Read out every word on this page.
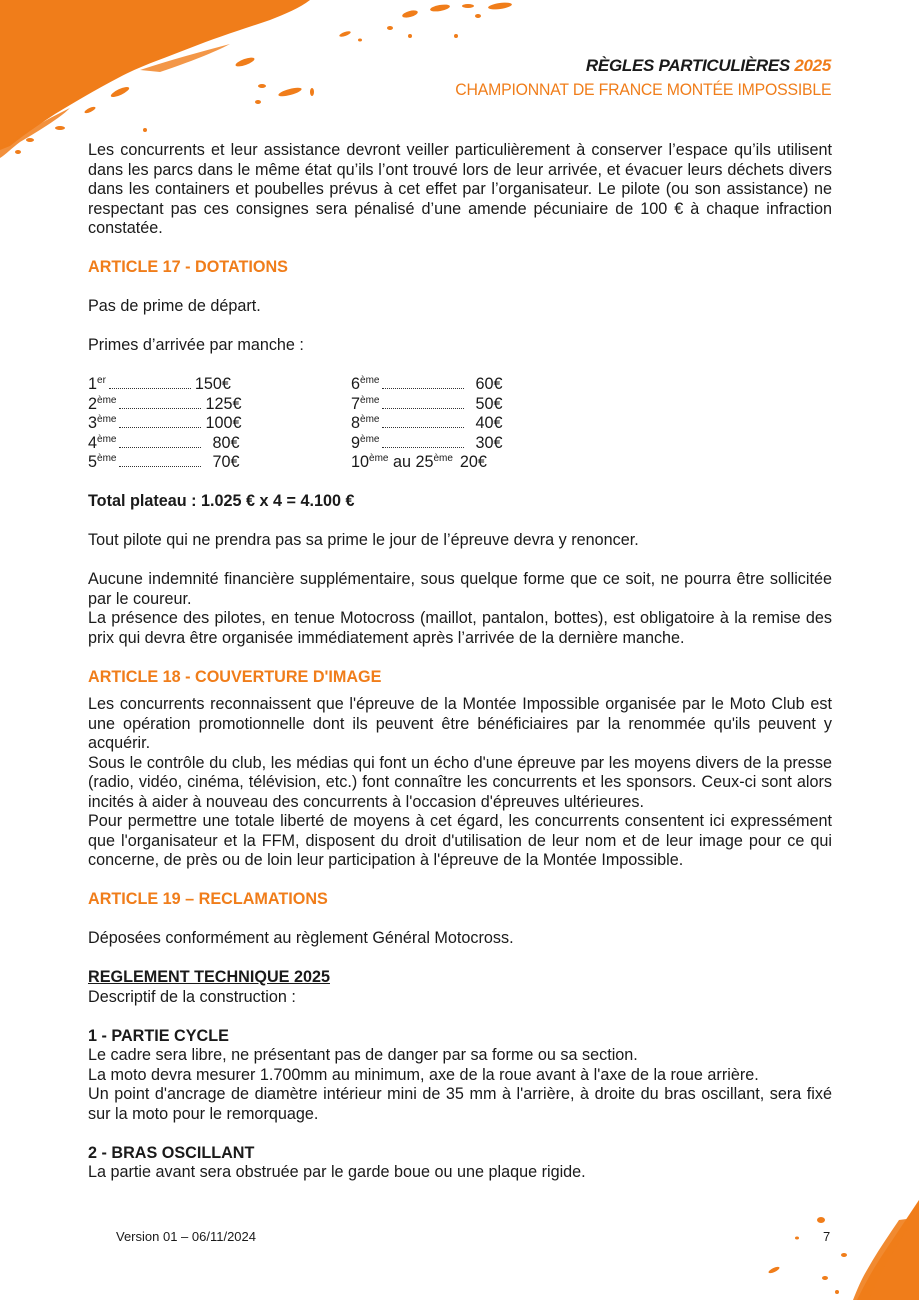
RÈGLES PARTICULIÈRES 2025
CHAMPIONNAT DE FRANCE MONTÉE IMPOSSIBLE

Les concurrents et leur assistance devront veiller particulièrement à conserver l’espace qu’ils utilisent dans les parcs dans le même état qu’ils l’ont trouvé lors de leur arrivée, et évacuer leurs déchets divers dans les containers et poubelles prévus à cet effet par l’organisateur. Le pilote (ou son assistance) ne respectant pas ces consignes sera pénalisé d’une amende pécuniaire de 100 € à chaque infraction constatée.

ARTICLE 17 - DOTATIONS

Pas de prime de départ.

Primes d’arrivée par manche :

1er	150€
2ème	125€
3ème	100€
4ème	80€
5ème	70€
6ème	60€
7ème	50€
8ème	40€
9ème	30€
10ème au 25ème 20€

Total plateau : 1.025 € x 4 = 4.100 €

Tout pilote qui ne prendra pas sa prime le jour de l’épreuve devra y renoncer.

Aucune indemnité financière supplémentaire, sous quelque forme que ce soit, ne pourra être sollicitée par le coureur.

La présence des pilotes, en tenue Motocross (maillot, pantalon, bottes), est obligatoire à la remise des prix qui devra être organisée immédiatement après l’arrivée de la dernière manche.

ARTICLE 18 - COUVERTURE D'IMAGE

Les concurrents reconnaissent que l'épreuve de la Montée Impossible organisée par le Moto Club est une opération promotionnelle dont ils peuvent être bénéficiaires par la renommée qu'ils peuvent y acquérir.

Sous le contrôle du club, les médias qui font un écho d'une épreuve par les moyens divers de la presse (radio, vidéo, cinéma, télévision, etc.) font connaître les concurrents et les sponsors. Ceux-ci sont alors incités à aider à nouveau des concurrents à l'occasion d'épreuves ultérieures.

Pour permettre une totale liberté de moyens à cet égard, les concurrents consentent ici expressément que l'organisateur et la FFM, disposent du droit d'utilisation de leur nom et de leur image pour ce qui concerne, de près ou de loin leur participation à l'épreuve de la Montée Impossible.

ARTICLE 19 – RECLAMATIONS

Déposées conformément au règlement Général Motocross.

REGLEMENT TECHNIQUE 2025

Descriptif de la construction :

1 - PARTIE CYCLE

Le cadre sera libre, ne présentant pas de danger par sa forme ou sa section.

La moto devra mesurer 1.700mm au minimum, axe de la roue avant à l'axe de la roue arrière.

Un point d'ancrage de diamètre intérieur mini de 35 mm à l'arrière, à droite du bras oscillant, sera fixé sur la moto pour le remorquage.

2 - BRAS OSCILLANT

La partie avant sera obstruée par le garde boue ou une plaque rigide.

Version 01 – 06/11/2024	7
